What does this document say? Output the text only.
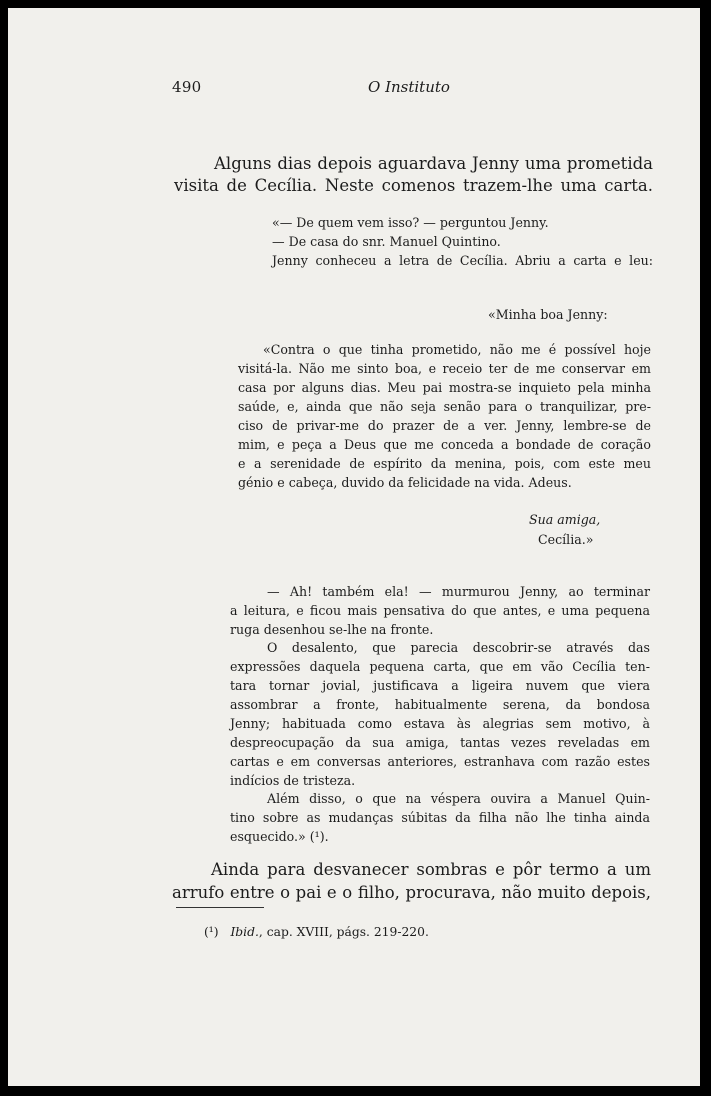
490	O Instituto
Alguns dias depois aguardava Jenny uma prometida
visita de Cecília. Neste comenos trazem-lhe uma carta.
«— De quem vem isso? — perguntou Jenny.
— De casa do snr. Manuel Quintino.
Jenny conheceu a letra de Cecília. Abriu a carta e leu:
«Minha boa Jenny:
«Contra o que tinha prometido, não me é possível hoje
visitá-la. Não me sinto boa, e receio ter de me conservar em
casa por alguns dias. Meu pai mostra-se inquieto pela minha
saúde, e, ainda que não seja senão para o tranquilizar, pre-
ciso de privar-me do prazer de a ver. Jenny, lembre-se de
mim, e peça a Deus que me conceda a bondade de coração
e a serenidade de espírito da menina, pois, com este meu
génio e cabeça, duvido da felicidade na vida. Adeus.
Sua amiga,
Cecília.»
— Ah! também ela! — murmurou Jenny, ao terminar
a leitura, e ficou mais pensativa do que antes, e uma pequena
ruga desenhou se-lhe na fronte.
O desalento, que parecia descobrir-se através das
expressões daquela pequena carta, que em vão Cecília ten-
tara tornar jovial, justificava a ligeira nuvem que viera
assombrar a fronte, habitualmente serena, da bondosa
Jenny; habituada como estava às alegrias sem motivo, à
despreocupação da sua amiga, tantas vezes reveladas em
cartas e em conversas anteriores, estranhava com razão estes
indícios de tristeza.
Além disso, o que na véspera ouvira a Manuel Quin-
tino sobre as mudanças súbitas da filha não lhe tinha ainda
esquecido.» (¹).
Ainda para desvanecer sombras e pôr termo a um
arrufo entre o pai e o filho, procurava, não muito depois,
(¹) Ibid., cap. XVIII, págs. 219-220.
